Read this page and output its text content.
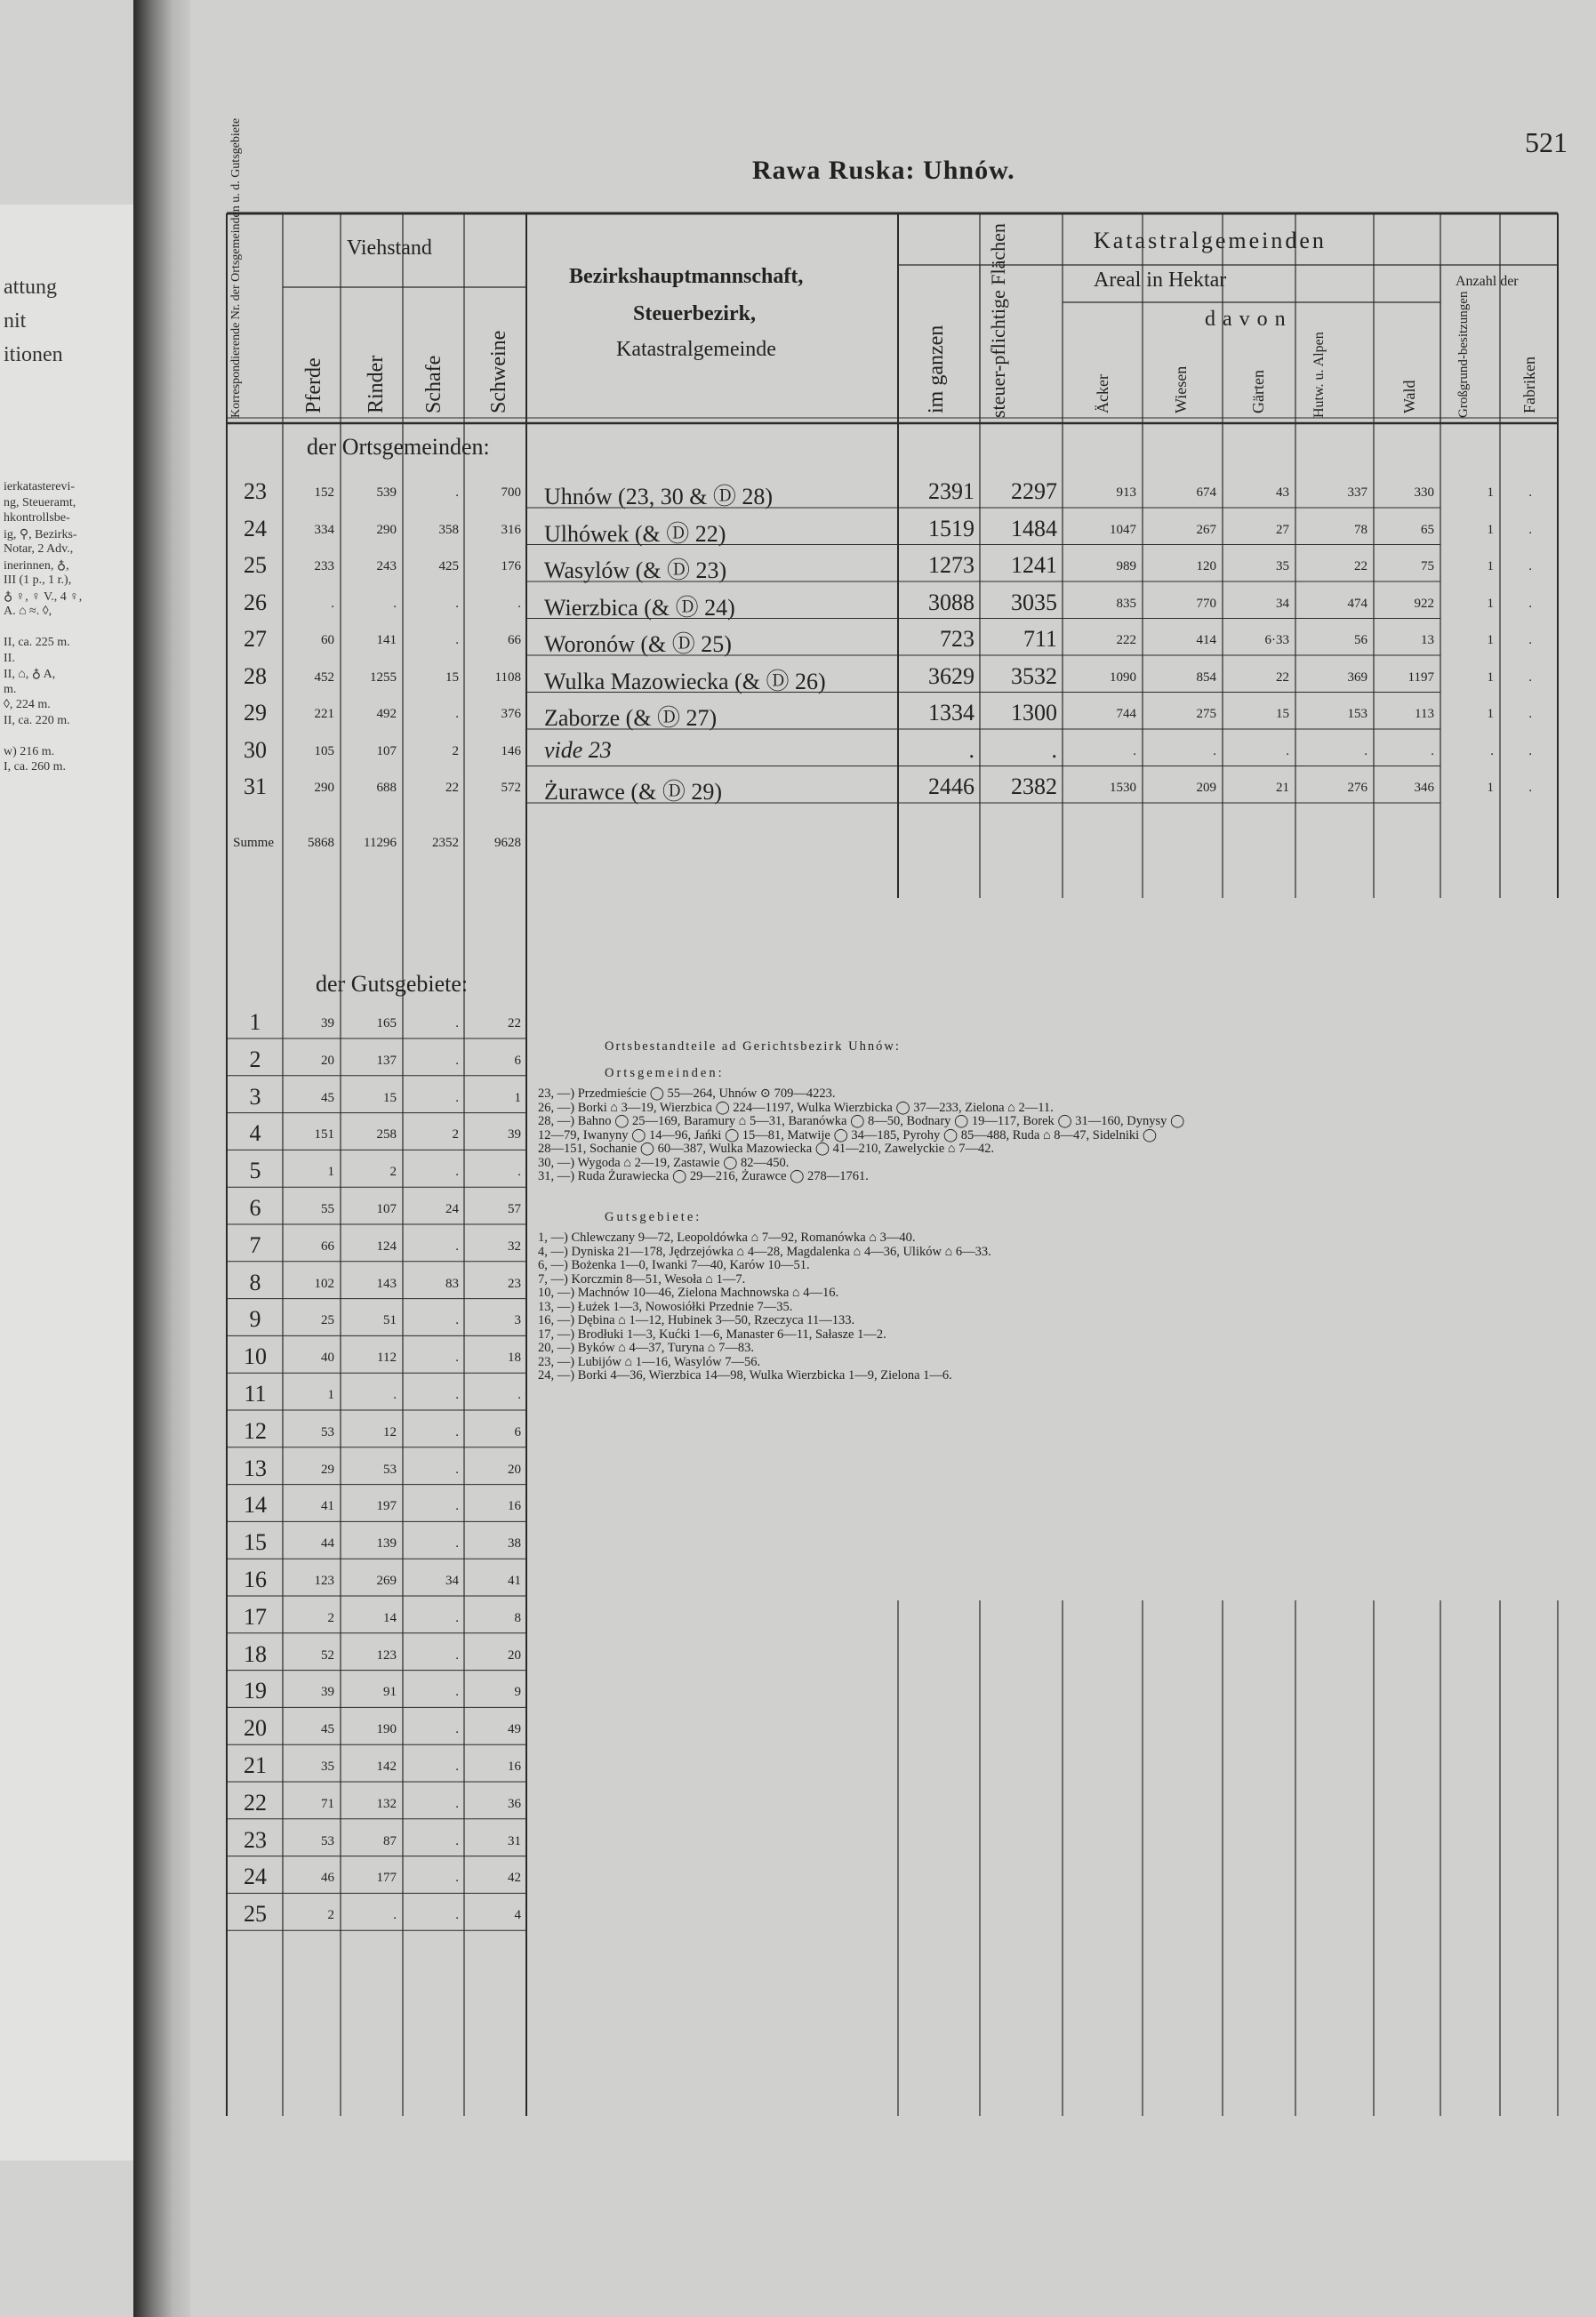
attung
nit
itionen
ierkatasterevi-
ng, Steueramt,
hkontrollsbe-
ig, ⚲, Bezirks-
Notar, 2 Adv.,
inerinnen, ♁,
III (1 p., 1 r.),
♁ ♀, ♀ V., 4 ♀,
A. ⌂ ≈. ◊,
II, ca. 225 m.
II.
II, ⌂, ♁ A,
m.
◊, 224 m.
II, ca. 220 m.
w) 216 m.
I, ca. 260 m.
Rawa Ruska: Uhnów.
521
Korrespondierende Nr. der Ortsgemeinden u. d. Gutsgebiete	Viehstand
Pferde Rinder Schafe Schweine
Bezirkshauptmannschaft,
Steuerbezirk,
Katastralgemeinde
Katastralgemeinden
Areal in Hektar
davon
Anzahl der
im ganzen steuer-pflichtige Flächen	Äcker	Wiesen	Gärten	Hutw. u. Alpen	Wald	Großgrund-besitzungen	Fabriken
der Ortsgemeinden:
der Gutsgebiete:
23	152	539	.	700 Uhnów (23, 30 & Ⓓ 28)	2391	2297	913	674	43	337	330	1	.
24	334	290	358	316 Ulhówek (& Ⓓ 22)	1519	1484	1047	267	27	78	65	1	.
25	233	243	425	176 Wasylów (& Ⓓ 23)	1273	1241	989	120	35	22	75	1	.
26	.	.	.	. Wierzbica (& Ⓓ 24)	3088	3035	835	770	34	474	922	1	.
27	60	141	.	66 Woronów (& Ⓓ 25)	723	711	222	414	6·33	56	13	1	.
28	452	1255	15	1108 Wulka Mazowiecka (& Ⓓ 26)	3629	3532	1090	854	22	369	1197	1	.
29	221	492	.	376 Zaborze (& Ⓓ 27)	1334	1300	744	275	15	153	113	1	.
30	105	107	2	146 vide 23	.	.	.	.	.	.	.	.	.
31	290	688	22	572 Żurawce (& Ⓓ 29)	2446	2382	1530	209	21	276	346	1	.
Summe	5868	11296	2352	9628
1	39	165	.	22
2	20	137	.	6
3	45	15	.	1
4	151	258	2	39
5	1	2	.	.
6	55	107	24	57
7	66	124	.	32
8	102	143	83	23
9	25	51	.	3
10	40	112	.	18
11	1	.	.	.
12	53	12	.	6
13	29	53	.	20
14	41	197	.	16
15	44	139	.	38
16	123	269	34	41
17	2	14	.	8
18	52	123	.	20
19	39	91	.	9
20	45	190	.	49
21	35	142	.	16
22	71	132	.	36
23	53	87	.	31
24	46	177	.	42
25	2	.	.	4
Ortsbestandteile ad Gerichtsbezirk Uhnów:
Ortsgemeinden:
23, —) Przedmieście ◯ 55—264, Uhnów ⊙ 709—4223.
26, —) Borki ⌂ 3—19, Wierzbica ◯ 224—1197, Wulka Wierzbicka ◯ 37—233, Zielona ⌂ 2—11.
28, —) Bahno ◯ 25—169, Baramury ⌂ 5—31, Baranówka ◯ 8—50, Bodnary ◯ 19—117, Borek ◯ 31—160, Dynysy ◯
12—79, Iwanyny ◯ 14—96, Jańki ◯ 15—81, Matwije ◯ 34—185, Pyrohy ◯ 85—488, Ruda ⌂ 8—47, Sidelniki ◯
28—151, Sochanie ◯ 60—387, Wulka Mazowiecka ◯ 41—210, Zawelyckie ⌂ 7—42.
30, —) Wygoda ⌂ 2—19, Zastawie ◯ 82—450.
31, —) Ruda Żurawiecka ◯ 29—216, Żurawce ◯ 278—1761.
Gutsgebiete:
1, —) Chlewczany 9—72, Leopoldówka ⌂ 7—92, Romanówka ⌂ 3—40.
4, —) Dyniska 21—178, Jędrzejówka ⌂ 4—28, Magdalenka ⌂ 4—36, Ulików ⌂ 6—33.
6, —) Bożenka 1—0, Iwanki 7—40, Karów 10—51.
7, —) Korczmin 8—51, Wesoła ⌂ 1—7.
10, —) Machnów 10—46, Zielona Machnowska ⌂ 4—16.
13, —) Łużek 1—3, Nowosiółki Przednie 7—35.
16, —) Dębina ⌂ 1—12, Hubinek 3—50, Rzeczyca 11—133.
17, —) Brodłuki 1—3, Kućki 1—6, Manaster 6—11, Sałasze 1—2.
20, —) Byków ⌂ 4—37, Turyna ⌂ 7—83.
23, —) Lubijów ⌂ 1—16, Wasylów 7—56.
24, —) Borki 4—36, Wierzbica 14—98, Wulka Wierzbicka 1—9, Zielona 1—6.
